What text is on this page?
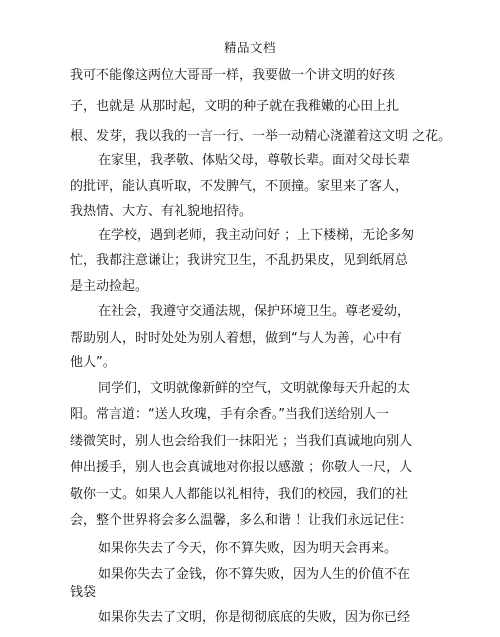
精品文档
我可不能像这两位大哥哥一样，我要做一个讲文明的好孩
子，也就是 从那时起，文明的种子就在我稚嫩的心田上扎
根、发芽，我以我的一言一行、一举一动精心浇灌着这文明 之花。
在家里，我孝敬、体贴父母，尊敬长辈。面对父母长辈
的批评，能认真听取，不发脾气，不顶撞。家里来了客人，
我热情、大方、有礼貌地招待。
在学校，遇到老师，我主动问好 ；上下楼梯，无论多匆
忙，我都注意谦让；我讲究卫生，不乱扔果皮，见到纸屑总
是主动捡起。
在社会，我遵守交通法规，保护环境卫生。尊老爱幼，
帮助别人，时时处处为别人着想，做到“与人为善，心中有
他人”。
同学们，文明就像新鲜的空气，文明就像每天升起的太
阳。常言道：“送人玫瑰，手有余香。”当我们送给别人一
缕微笑时，别人也会给我们一抹阳光 ；当我们真诚地向别人
伸出援手，别人也会真诚地对你报以感激 ；你敬人一尺，人
敬你一丈。如果人人都能以礼相待，我们的校园，我们的社
会，整个世界将会多么温馨，多么和谐 ！让我们永远记住：
如果你失去了今天，你不算失败，因为明天会再来。
如果你失去了金钱，你不算失败，因为人生的价值不在
钱袋
如果你失去了文明，你是彻彻底底的失败，因为你已经
